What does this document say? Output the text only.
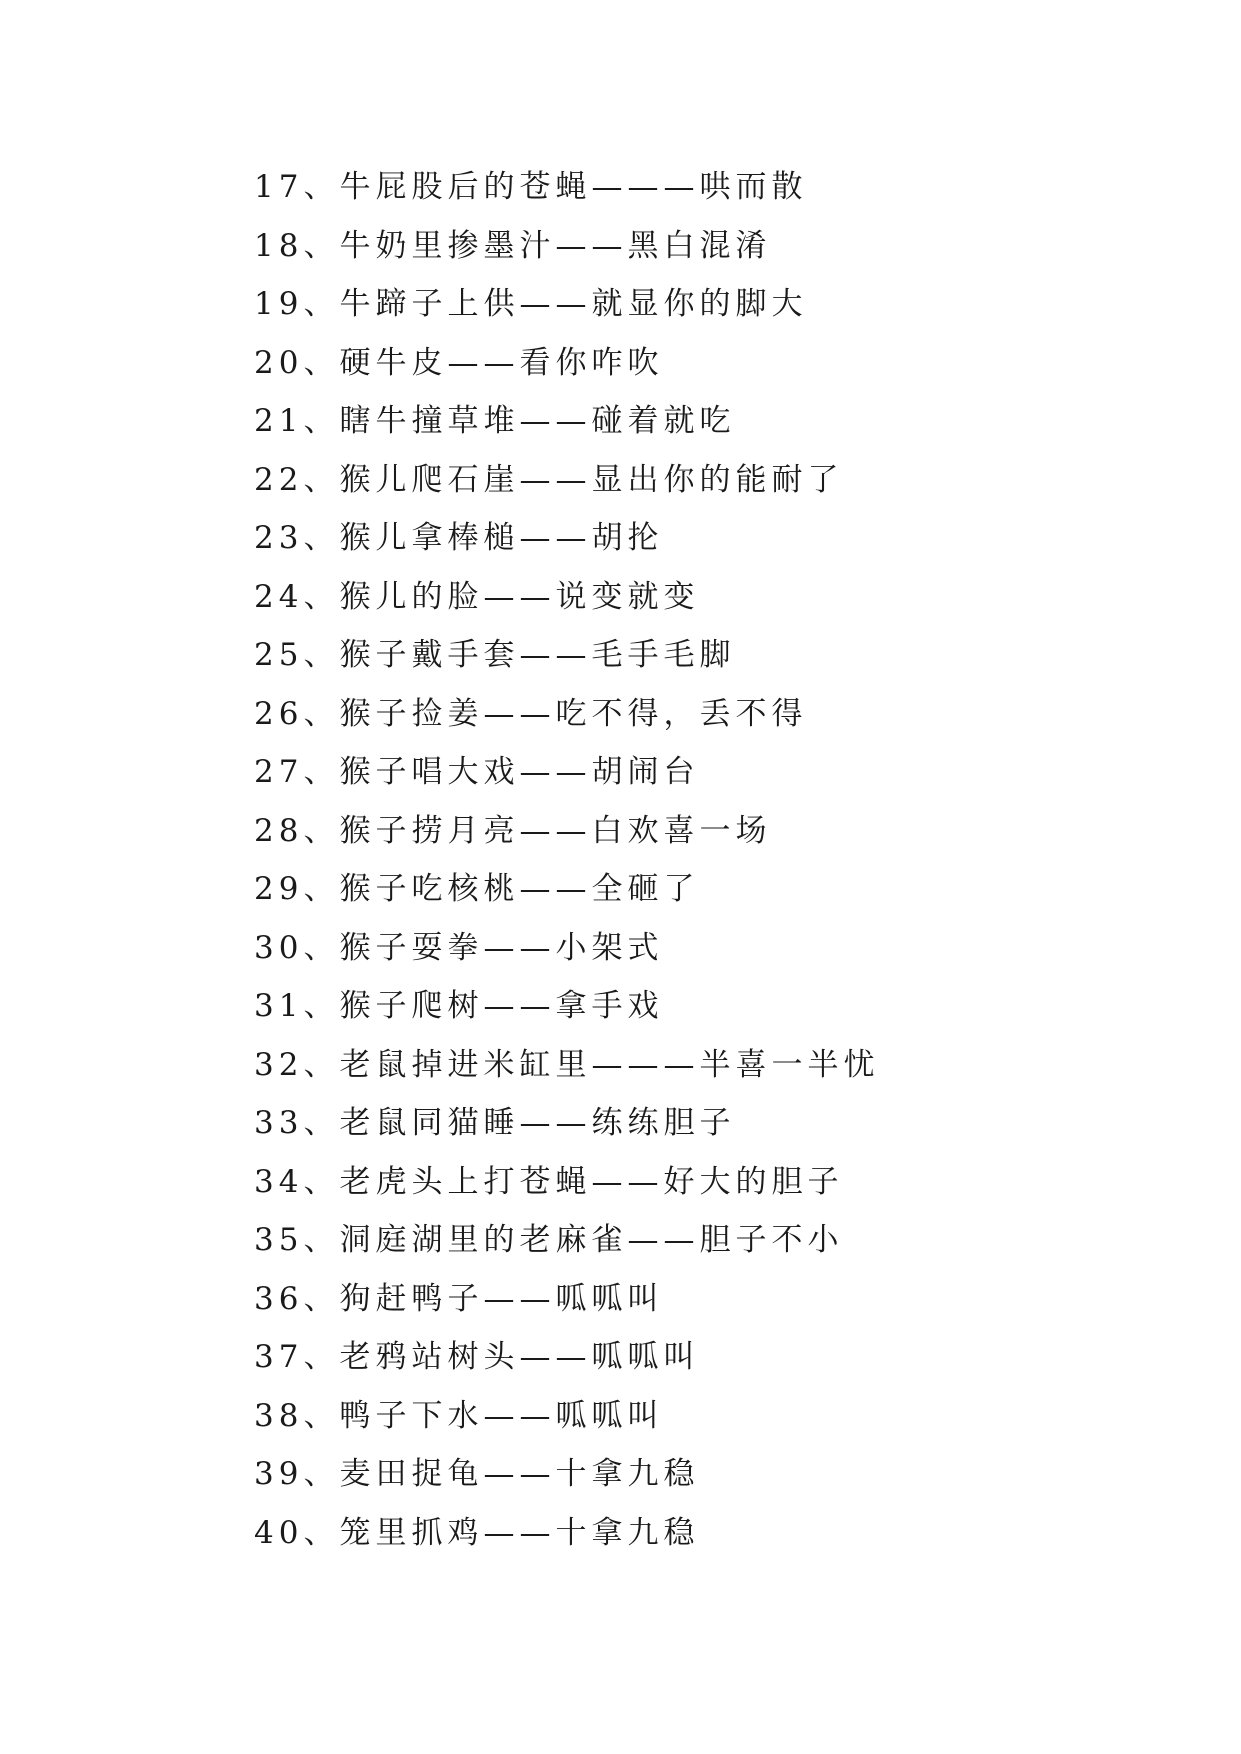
17、牛屁股后的苍蝇———哄而散
18、牛奶里掺墨汁——黑白混淆
19、牛蹄子上供——就显你的脚大
20、硬牛皮——看你咋吹
21、瞎牛撞草堆——碰着就吃
22、猴儿爬石崖——显出你的能耐了
23、猴儿拿棒槌——胡抡
24、猴儿的脸——说变就变
25、猴子戴手套——毛手毛脚
26、猴子捡姜——吃不得，丢不得
27、猴子唱大戏——胡闹台
28、猴子捞月亮——白欢喜一场
29、猴子吃核桃——全砸了
30、猴子耍拳——小架式
31、猴子爬树——拿手戏
32、老鼠掉进米缸里———半喜一半忧
33、老鼠同猫睡——练练胆子
34、老虎头上打苍蝇——好大的胆子
35、洞庭湖里的老麻雀——胆子不小
36、狗赶鸭子——呱呱叫
37、老鸦站树头——呱呱叫
38、鸭子下水——呱呱叫
39、麦田捉龟——十拿九稳
40、笼里抓鸡——十拿九稳
